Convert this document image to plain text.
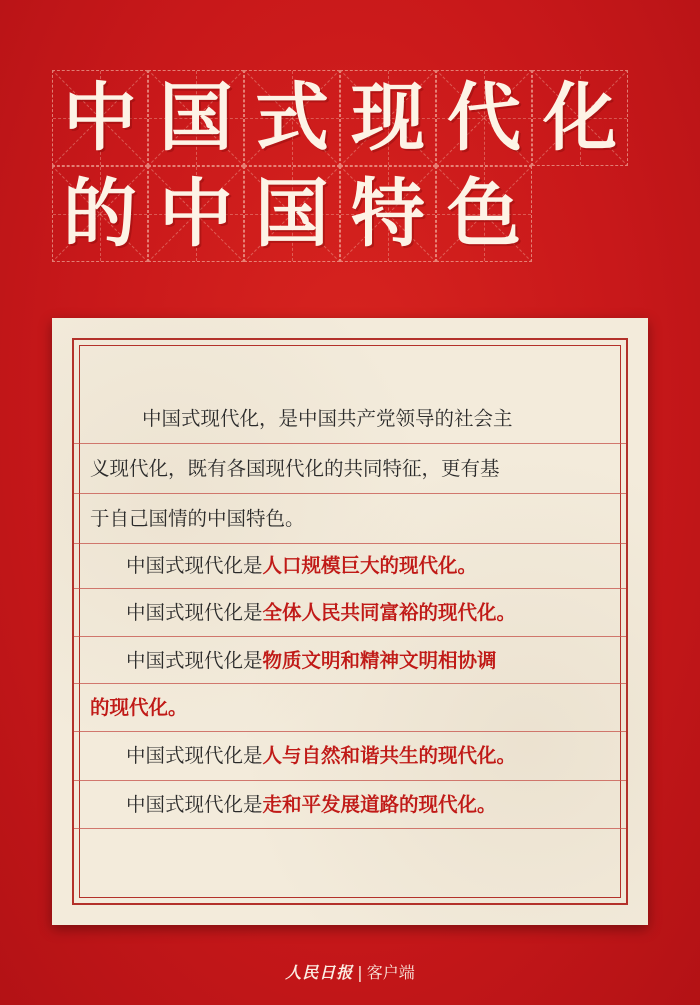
中 国 式 现 代 化
的 中 国 特 色
中国式现代化，是中国共产党领导的社会主
义现代化，既有各国现代化的共同特征，更有基
于自己国情的中国特色。
中国式现代化是人口规模巨大的现代化。
中国式现代化是全体人民共同富裕的现代化。
中国式现代化是物质文明和精神文明相协调
的现代化。
中国式现代化是人与自然和谐共生的现代化。
中国式现代化是走和平发展道路的现代化。
人民日报 | 客户端
